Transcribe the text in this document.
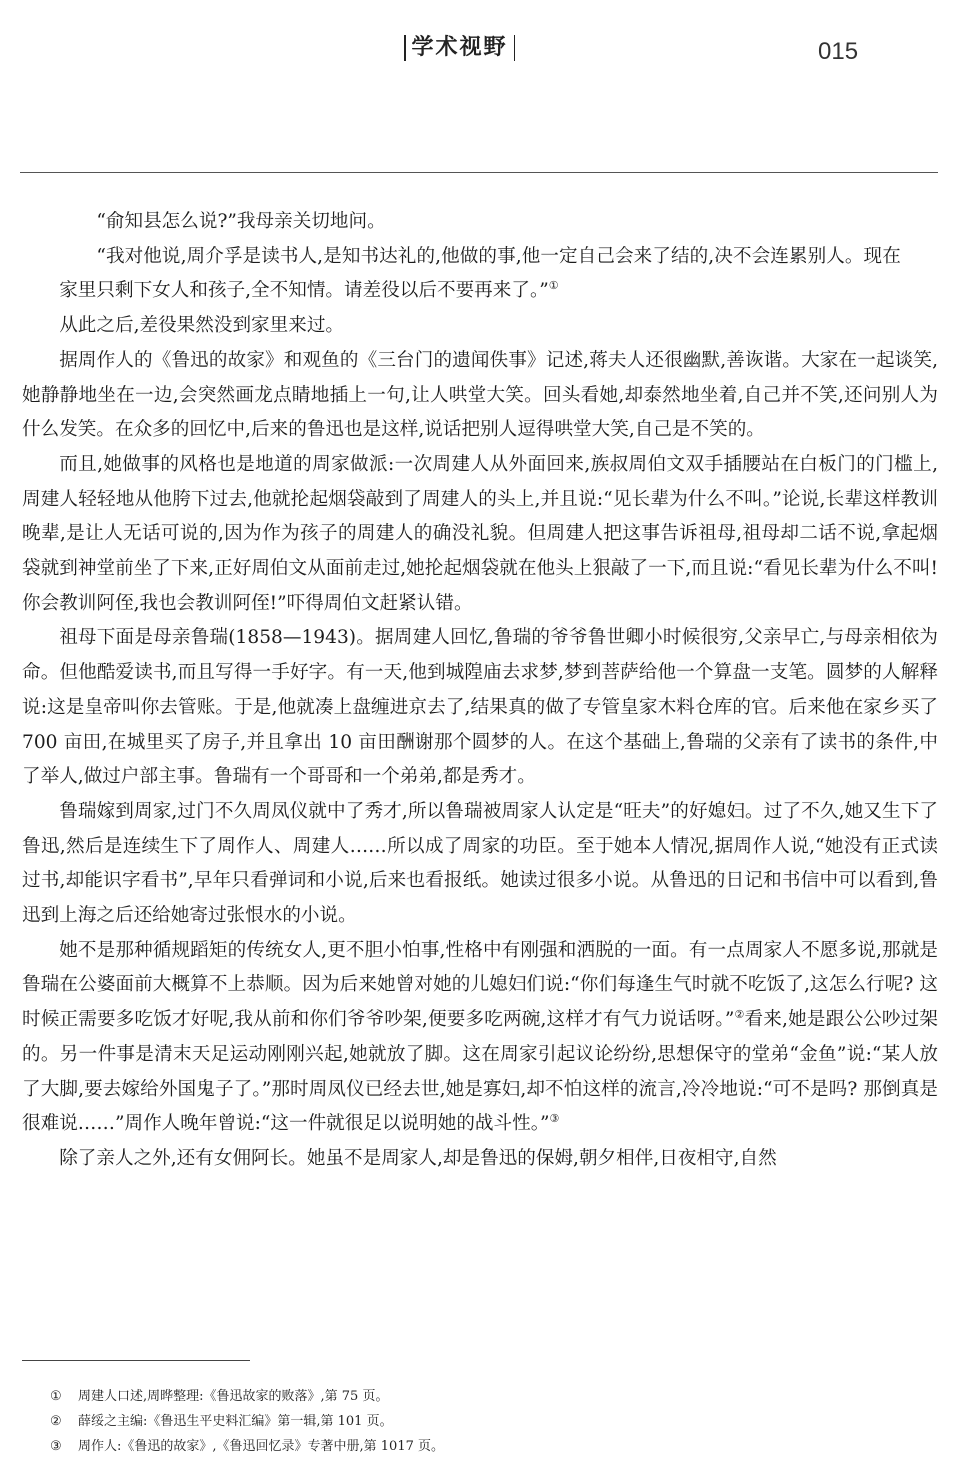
学术视野	015

“俞知县怎么说?”我母亲关切地问。

“我对他说,周介孚是读书人,是知书达礼的,他做的事,他一定自己会来了结的,决不会连累别人。现在家里只剩下女人和孩子,全不知情。请差役以后不要再来了。”①

从此之后,差役果然没到家里来过。

据周作人的《鲁迅的故家》和观鱼的《三台门的遗闻佚事》记述,蒋夫人还很幽默,善诙谐。大家在一起谈笑,她静静地坐在一边,会突然画龙点睛地插上一句,让人哄堂大笑。回头看她,却泰然地坐着,自己并不笑,还问别人为什么发笑。在众多的回忆中,后来的鲁迅也是这样,说话把别人逗得哄堂大笑,自己是不笑的。

而且,她做事的风格也是地道的周家做派:一次周建人从外面回来,族叔周伯文双手插腰站在白板门的门槛上,周建人轻轻地从他胯下过去,他就抡起烟袋敲到了周建人的头上,并且说:“见长辈为什么不叫。”论说,长辈这样教训晚辈,是让人无话可说的,因为作为孩子的周建人的确没礼貌。但周建人把这事告诉祖母,祖母却二话不说,拿起烟袋就到神堂前坐了下来,正好周伯文从面前走过,她抡起烟袋就在他头上狠敲了一下,而且说:“看见长辈为什么不叫! 你会教训阿侄,我也会教训阿侄!”吓得周伯文赶紧认错。

祖母下面是母亲鲁瑞(1858—1943)。据周建人回忆,鲁瑞的爷爷鲁世卿小时候很穷,父亲早亡,与母亲相依为命。但他酷爱读书,而且写得一手好字。有一天,他到城隍庙去求梦,梦到菩萨给他一个算盘一支笔。圆梦的人解释说:这是皇帝叫你去管账。于是,他就凑上盘缠进京去了,结果真的做了专管皇家木料仓库的官。后来他在家乡买了 700 亩田,在城里买了房子,并且拿出 10 亩田酬谢那个圆梦的人。在这个基础上,鲁瑞的父亲有了读书的条件,中了举人,做过户部主事。鲁瑞有一个哥哥和一个弟弟,都是秀才。

鲁瑞嫁到周家,过门不久周凤仪就中了秀才,所以鲁瑞被周家人认定是“旺夫”的好媳妇。过了不久,她又生下了鲁迅,然后是连续生下了周作人、周建人……所以成了周家的功臣。至于她本人情况,据周作人说,“她没有正式读过书,却能识字看书”,早年只看弹词和小说,后来也看报纸。她读过很多小说。从鲁迅的日记和书信中可以看到,鲁迅到上海之后还给她寄过张恨水的小说。

她不是那种循规蹈矩的传统女人,更不胆小怕事,性格中有刚强和洒脱的一面。有一点周家人不愿多说,那就是鲁瑞在公婆面前大概算不上恭顺。因为后来她曾对她的儿媳妇们说:“你们每逢生气时就不吃饭了,这怎么行呢? 这时候正需要多吃饭才好呢,我从前和你们爷爷吵架,便要多吃两碗,这样才有气力说话呀。”②看来,她是跟公公吵过架的。另一件事是清末天足运动刚刚兴起,她就放了脚。这在周家引起议论纷纷,思想保守的堂弟“金鱼”说:“某人放了大脚,要去嫁给外国鬼子了。”那时周凤仪已经去世,她是寡妇,却不怕这样的流言,冷冷地说:“可不是吗? 那倒真是很难说……”周作人晚年曾说:“这一件就很足以说明她的战斗性。”③

除了亲人之外,还有女佣阿长。她虽不是周家人,却是鲁迅的保姆,朝夕相伴,日夜相守,自然

① 周建人口述,周晔整理:《鲁迅故家的败落》,第 75 页。
② 薛绥之主编:《鲁迅生平史料汇编》第一辑,第 101 页。
③ 周作人:《鲁迅的故家》,《鲁迅回忆录》专著中册,第 1017 页。
